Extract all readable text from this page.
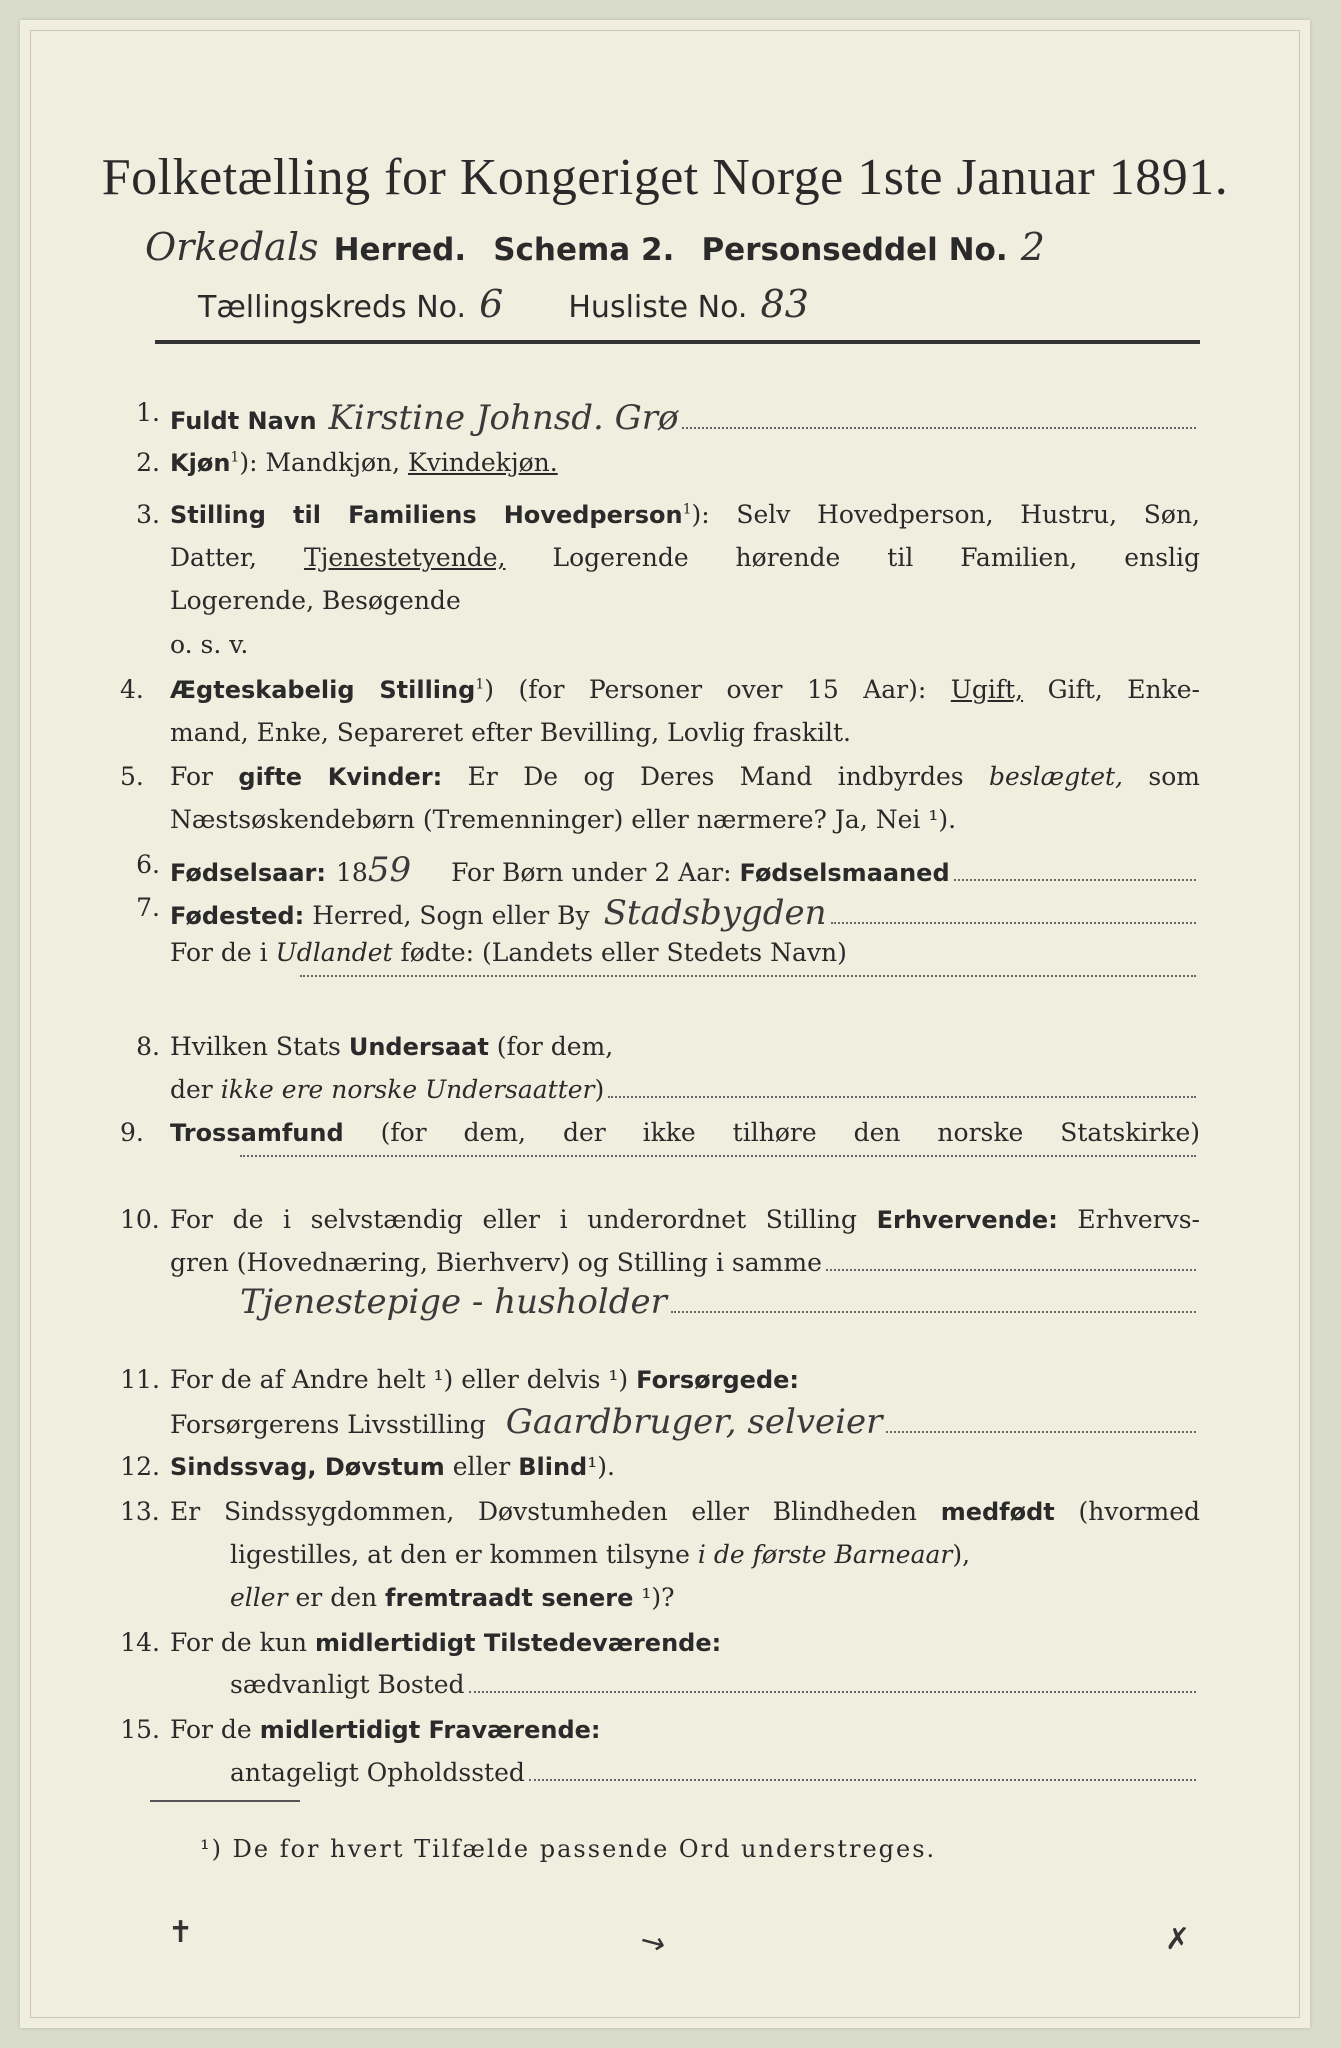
Folketælling for Kongeriget Norge 1ste Januar 1891.
Orkedals Herred. Schema 2. Personseddel No. 2
Tællingskreds No. 6 Husliste No. 83
1. Fuldt Navn Kirstine Johnsd. Grø
2. Kjøn$^1$): Mandkjøn, Kvindekjøn.
3. Stilling til Familiens Hovedperson$^1$): Selv Hovedperson, Hustru, Søn,
Datter, Tjenestetyende, Logerende hørende til Familien, enslig
Logerende, Besøgende
o. s. v.
4.	Ægteskabelig Stilling$^1$) (for Personer over 15 Aar): Ugift, Gift, Enke-
mand, Enke, Separeret efter Bevilling, Lovlig fraskilt.
5.	For gifte Kvinder: Er De og Deres Mand indbyrdes beslægtet, som
Næstsøskendebørn (Tremenninger) eller nærmere? Ja, Nei ¹).
6. Fødselsaar: 18 59 For Børn under 2 Aar: Fødselsmaaned
7. Fødested: Herred, Sogn eller By Stadsbygden
For de i Udlandet fødte: (Landets eller Stedets Navn)
8. Hvilken Stats Undersaat (for dem,
der ikke ere norske Undersaatter )
9.	Trossamfund (for dem, der ikke tilhøre den norske Statskirke)
10. For de i selvstændig eller i underordnet Stilling Erhvervende: Erhvervs-
gren (Hovednæring, Bierhverv) og Stilling i samme
Tjenestepige - husholder
11. For de af Andre helt ¹) eller delvis ¹) Forsørgede:
Forsørgerens Livsstilling Gaardbruger, selveier
12. Sindssvag, Døvstum eller Blind¹).
13. Er Sindssygdommen, Døvstumheden eller Blindheden medfødt (hvormed
ligestilles, at den er kommen tilsyne i de første Barneaar),
eller er den fremtraadt senere ¹)?
14. For de kun midlertidigt Tilstedeværende:
sædvanligt Bosted
15. For de midlertidigt Fraværende:
antageligt Opholdssted
¹) De for hvert Tilfælde passende Ord understreges.
✝	↘	✗
